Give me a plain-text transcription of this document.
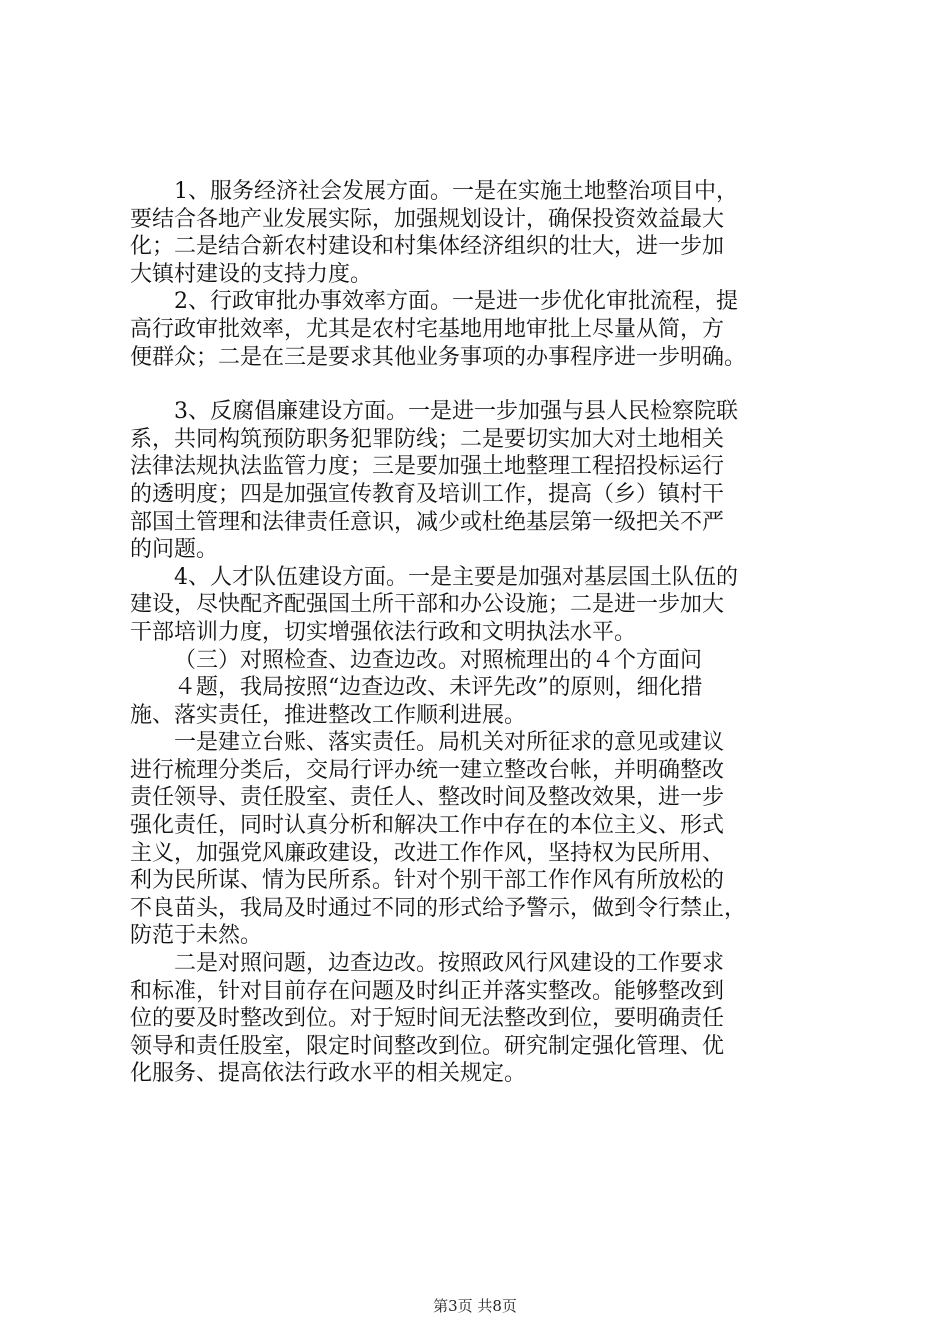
1、服务经济社会发展方面。一是在实施土地整治项目中，
要结合各地产业发展实际，加强规划设计，确保投资效益最大
化；二是结合新农村建设和村集体经济组织的壮大，进一步加
大镇村建设的支持力度。

2、行政审批办事效率方面。一是进一步优化审批流程，提
高行政审批效率，尤其是农村宅基地用地审批上尽量从简，方
便群众；二是在三是要求其他业务事项的办事程序进一步明确。

3、反腐倡廉建设方面。一是进一步加强与县人民检察院联
系，共同构筑预防职务犯罪防线；二是要切实加大对土地相关
法律法规执法监管力度；三是要加强土地整理工程招投标运行
的透明度；四是加强宣传教育及培训工作，提高（乡）镇村干
部国土管理和法律责任意识，减少或杜绝基层第一级把关不严
的问题。

4、人才队伍建设方面。一是主要是加强对基层国土队伍的
建设，尽快配齐配强国土所干部和办公设施；二是进一步加大
干部培训力度，切实增强依法行政和文明执法水平。

（三）对照检查、边查边改。对照梳理出的４个方面问

４题，我局按照“边查边改、未评先改”的原则，细化措
施、落实责任，推进整改工作顺利进展。

一是建立台账、落实责任。局机关对所征求的意见或建议
进行梳理分类后，交局行评办统一建立整改台帐，并明确整改
责任领导、责任股室、责任人、整改时间及整改效果，进一步
强化责任，同时认真分析和解决工作中存在的本位主义、形式
主义，加强党风廉政建设，改进工作作风，坚持权为民所用、
利为民所谋、情为民所系。针对个别干部工作作风有所放松的
不良苗头，我局及时通过不同的形式给予警示，做到令行禁止，
防范于未然。

二是对照问题，边查边改。按照政风行风建设的工作要求
和标准，针对目前存在问题及时纠正并落实整改。能够整改到
位的要及时整改到位。对于短时间无法整改到位，要明确责任
领导和责任股室，限定时间整改到位。研究制定强化管理、优
化服务、提高依法行政水平的相关规定。

第3页 共8页
